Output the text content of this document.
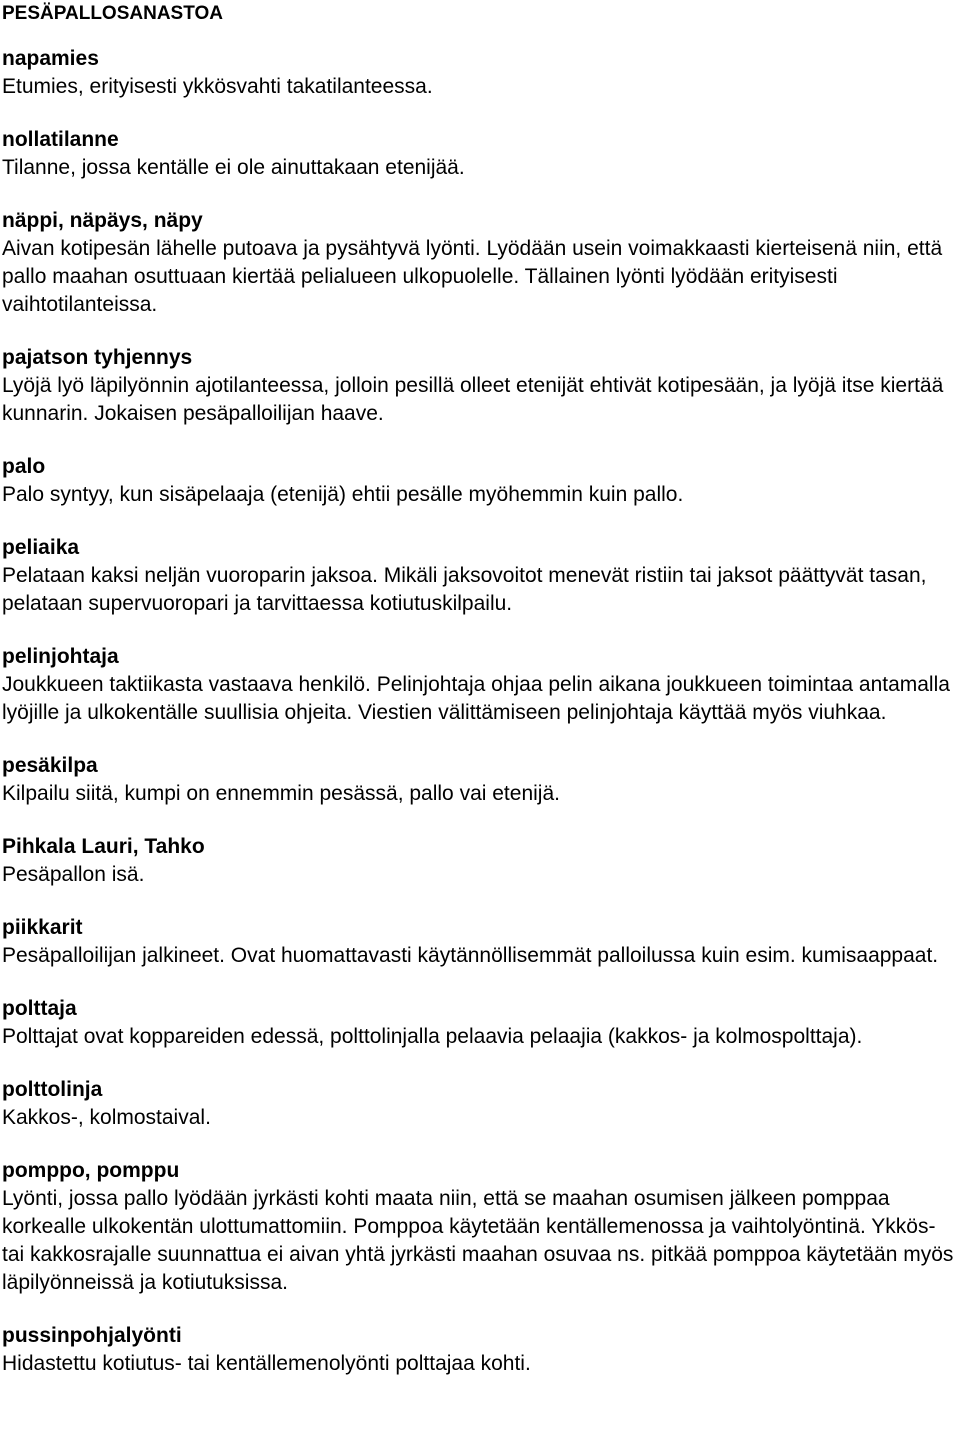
PESÄPALLOSANASTOA
napamies
Etumies, erityisesti ykkösvahti takatilanteessa.
nollatilanne
Tilanne, jossa kentälle ei ole ainuttakaan etenijää.
näppi, näpäys, näpy
Aivan kotipesän lähelle putoava ja pysähtyvä lyönti. Lyödään usein voimakkaasti kierteisenä niin, että pallo maahan osuttuaan kiertää pelialueen ulkopuolelle. Tällainen lyönti lyödään erityisesti vaihtotilanteissa.
pajatson tyhjennys
Lyöjä lyö läpilyönnin ajotilanteessa, jolloin pesillä olleet etenijät ehtivät kotipesään, ja lyöjä itse kiertää kunnarin. Jokaisen pesäpalloilijan haave.
palo
Palo syntyy, kun sisäpelaaja (etenijä) ehtii pesälle myöhemmin kuin pallo.
peliaika
Pelataan kaksi neljän vuoroparin jaksoa. Mikäli jaksovoitot menevät ristiin tai jaksot päättyvät tasan, pelataan supervuoropari ja tarvittaessa kotiutuskilpailu.
pelinjohtaja
Joukkueen taktiikasta vastaava henkilö. Pelinjohtaja ohjaa pelin aikana joukkueen toimintaa antamalla lyöjille ja ulkokentälle suullisia ohjeita. Viestien välittämiseen pelinjohtaja käyttää myös viuhkaa.
pesäkilpa
Kilpailu siitä, kumpi on ennemmin pesässä, pallo vai etenijä.
Pihkala Lauri, Tahko
Pesäpallon isä.
piikkarit
Pesäpalloilijan jalkineet. Ovat huomattavasti käytännöllisemmät palloilussa kuin esim. kumisaappaat.
polttaja
Polttajat ovat koppareiden edessä, polttolinjalla pelaavia pelaajia (kakkos- ja kolmospolttaja).
polttolinja
Kakkos-, kolmostaival.
pomppo, pomppu
Lyönti, jossa pallo lyödään jyrkästi kohti maata niin, että se maahan osumisen jälkeen pomppaa korkealle ulkokentän ulottumattomiin. Pomppoa käytetään kentällemenossa ja vaihtolyöntinä. Ykkös- tai kakkosrajalle suunnattua ei aivan yhtä jyrkästi maahan osuvaa ns. pitkää pomppoa käytetään myös läpilyönneissä ja kotiutuksissa.
pussinpohjalyönti
Hidastettu kotiutus- tai kentällemenolyönti polttajaa kohti.
